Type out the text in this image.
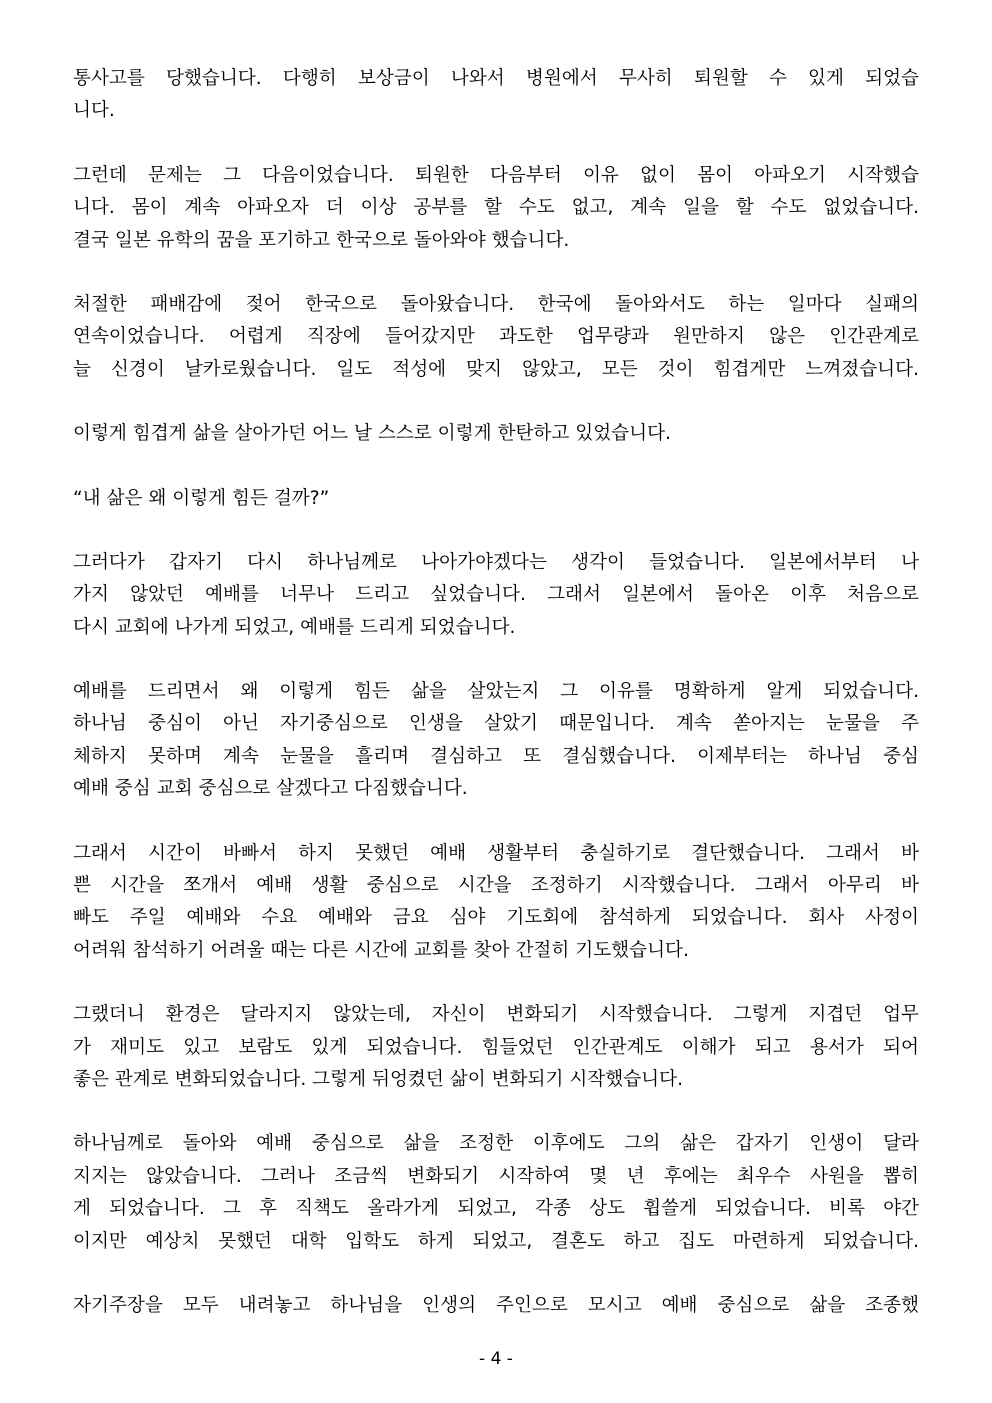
통사고를 당했습니다. 다행히 보상금이 나와서 병원에서 무사히 퇴원할 수 있게 되었습
니다.

그런데 문제는 그 다음이었습니다. 퇴원한 다음부터 이유 없이 몸이 아파오기 시작했습
니다. 몸이 계속 아파오자 더 이상 공부를 할 수도 없고, 계속 일을 할 수도 없었습니다.
결국 일본 유학의 꿈을 포기하고 한국으로 돌아와야 했습니다.

처절한 패배감에 젖어 한국으로 돌아왔습니다. 한국에 돌아와서도 하는 일마다 실패의
연속이었습니다. 어렵게 직장에 들어갔지만 과도한 업무량과 원만하지 않은 인간관계로
늘 신경이 날카로웠습니다. 일도 적성에 맞지 않았고, 모든 것이 힘겹게만 느껴졌습니다.

이렇게 힘겹게 삶을 살아가던 어느 날 스스로 이렇게 한탄하고 있었습니다.

“내 삶은 왜 이렇게 힘든 걸까?”

그러다가 갑자기 다시 하나님께로 나아가야겠다는 생각이 들었습니다. 일본에서부터 나
가지 않았던 예배를 너무나 드리고 싶었습니다. 그래서 일본에서 돌아온 이후 처음으로
다시 교회에 나가게 되었고, 예배를 드리게 되었습니다.

예배를 드리면서 왜 이렇게 힘든 삶을 살았는지 그 이유를 명확하게 알게 되었습니다.
하나님 중심이 아닌 자기중심으로 인생을 살았기 때문입니다. 계속 쏟아지는 눈물을 주
체하지 못하며 계속 눈물을 흘리며 결심하고 또 결심했습니다. 이제부터는 하나님 중심
예배 중심 교회 중심으로 살겠다고 다짐했습니다.

그래서 시간이 바빠서 하지 못했던 예배 생활부터 충실하기로 결단했습니다. 그래서 바
쁜 시간을 쪼개서 예배 생활 중심으로 시간을 조정하기 시작했습니다. 그래서 아무리 바
빠도 주일 예배와 수요 예배와 금요 심야 기도회에 참석하게 되었습니다. 회사 사정이
어려워 참석하기 어려울 때는 다른 시간에 교회를 찾아 간절히 기도했습니다.

그랬더니 환경은 달라지지 않았는데, 자신이 변화되기 시작했습니다. 그렇게 지겹던 업무
가 재미도 있고 보람도 있게 되었습니다. 힘들었던 인간관계도 이해가 되고 용서가 되어
좋은 관계로 변화되었습니다. 그렇게 뒤엉켰던 삶이 변화되기 시작했습니다.

하나님께로 돌아와 예배 중심으로 삶을 조정한 이후에도 그의 삶은 갑자기 인생이 달라
지지는 않았습니다. 그러나 조금씩 변화되기 시작하여 몇 년 후에는 최우수 사원을 뽑히
게 되었습니다. 그 후 직책도 올라가게 되었고, 각종 상도 휩쓸게 되었습니다. 비록 야간
이지만 예상치 못했던 대학 입학도 하게 되었고, 결혼도 하고 집도 마련하게 되었습니다.

자기주장을 모두 내려놓고 하나님을 인생의 주인으로 모시고 예배 중심으로 삶을 조종했

- 4 -
